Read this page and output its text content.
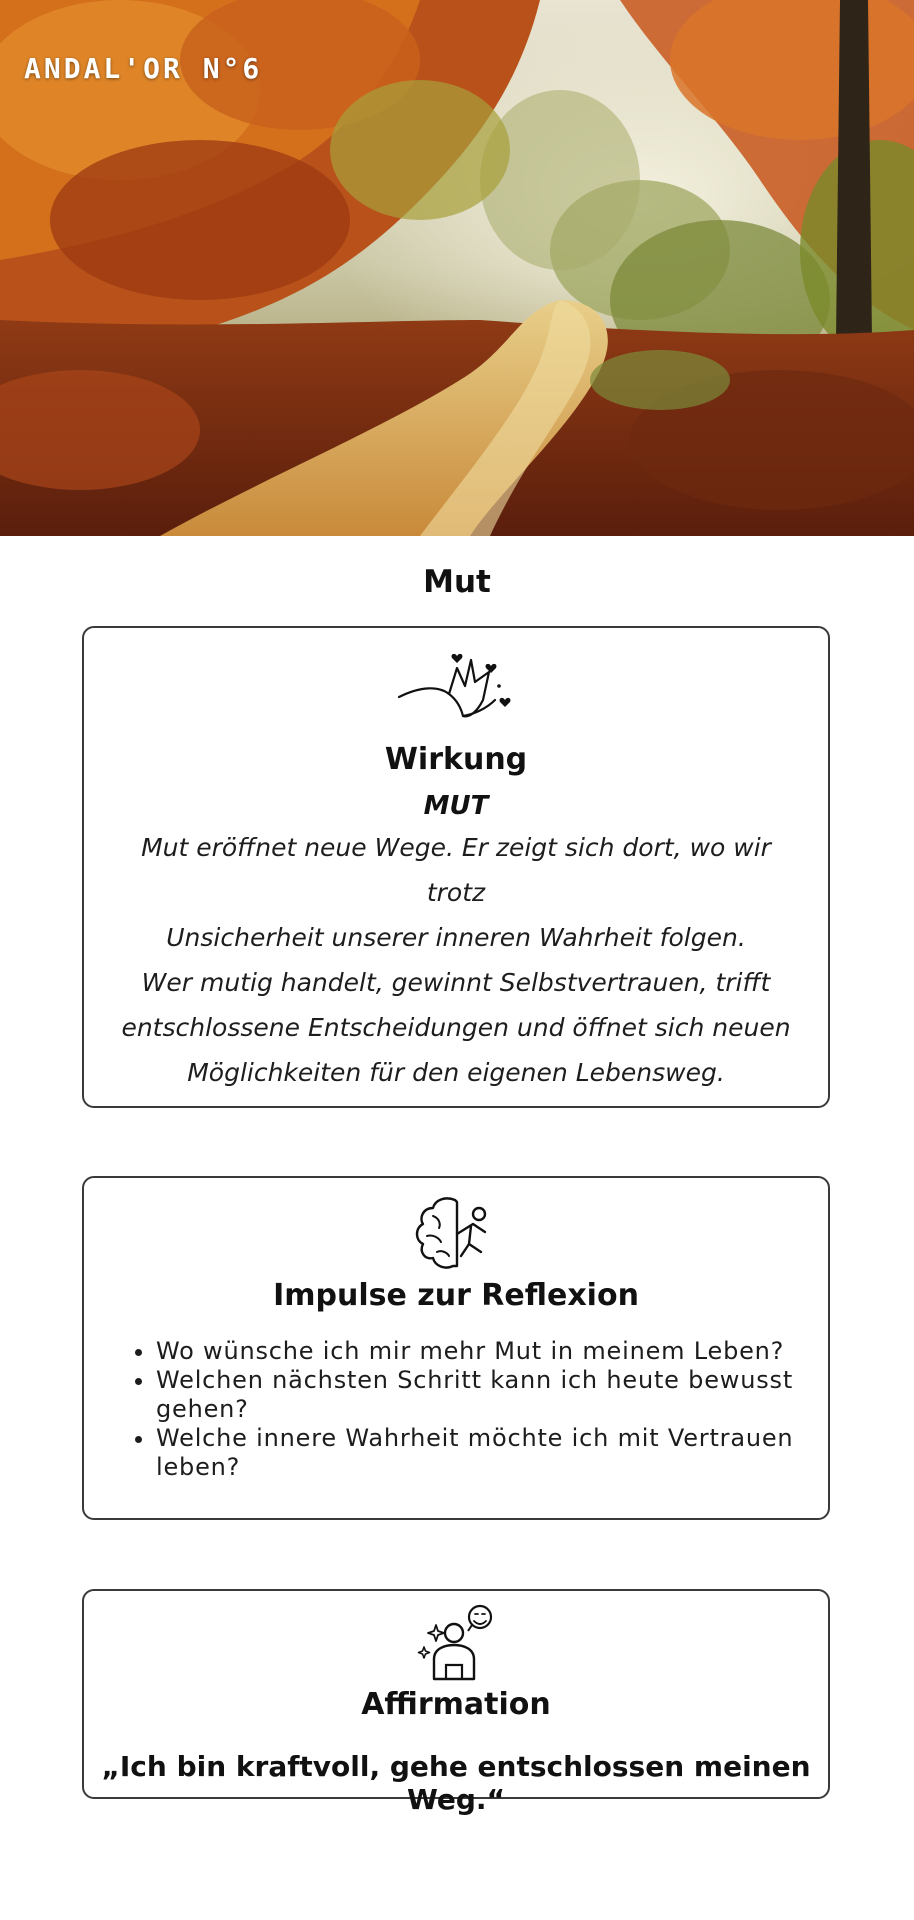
ANDAL'OR N°6
Mut
Wirkung
MUT
Mut eröffnet neue Wege. Er zeigt sich dort, wo wir trotz
Unsicherheit unserer inneren Wahrheit folgen.
Wer mutig handelt, gewinnt Selbstvertrauen, trifft
entschlossene Entscheidungen und öffnet sich neuen
Möglichkeiten für den eigenen Lebensweg.
Impulse zur Reflexion
• Wo wünsche ich mir mehr Mut in meinem Leben?
• Welchen nächsten Schritt kann ich heute bewusst gehen?
• Welche innere Wahrheit möchte ich mit Vertrauen leben?
Affirmation
„Ich bin kraftvoll, gehe entschlossen meinen Weg.“
